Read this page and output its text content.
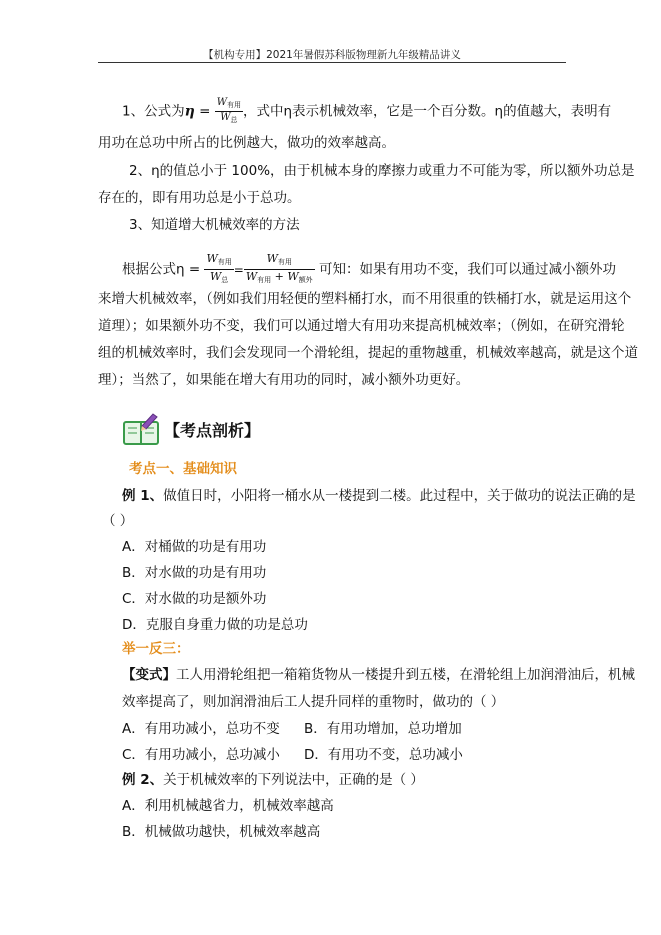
【机构专用】2021年暑假苏科版物理新九年级精品讲义
1、公式为$\eta = \frac{W_{有用}}{W_总}$ ，式中η表示机械效率，它是一个百分数。η的值越大，表明有
用功在总功中所占的比例越大，做功的效率越高。
2、η的值总小于 100%，由于机械本身的摩擦力或重力不可能为零，所以额外功总是
存在的，即有用功总是小于总功。
3、知道增大机械效率的方法
根据公式$\eta = \frac{W_{有用}}{W_总} = \frac{W_{有用}}{W_{有用} + W_{额外}}$ 可知：如果有用功不变，我们可以通过减小额外功
来增大机械效率，（例如我们用轻便的塑料桶打水，而不用很重的铁桶打水，就是运用这个
道理）；如果额外功不变，我们可以通过增大有用功来提高机械效率；（例如，在研究滑轮
组的机械效率时，我们会发现同一个滑轮组，提起的重物越重，机械效率越高，就是这个道
理）；当然了，如果能在增大有用功的同时，减小额外功更好。
【考点剖析】
考点一、基础知识
例 1、做值日时，小阳将一桶水从一楼提到二楼。此过程中，关于做功的说法正确的是
（ ）
A．对桶做的功是有用功
B．对水做的功是有用功
C．对水做的功是额外功
D．克服自身重力做的功是总功
举一反三：
【变式】工人用滑轮组把一箱箱货物从一楼提升到五楼，在滑轮组上加润滑油后，机械
效率提高了，则加润滑油后工人提升同样的重物时，做功的（ ）
A．有用功减小，总功不变 B．有用功增加，总功增加
C．有用功减小，总功减小 D．有用功不变，总功减小
例 2、关于机械效率的下列说法中，正确的是（ ）
A．利用机械越省力，机械效率越高
B．机械做功越快，机械效率越高
